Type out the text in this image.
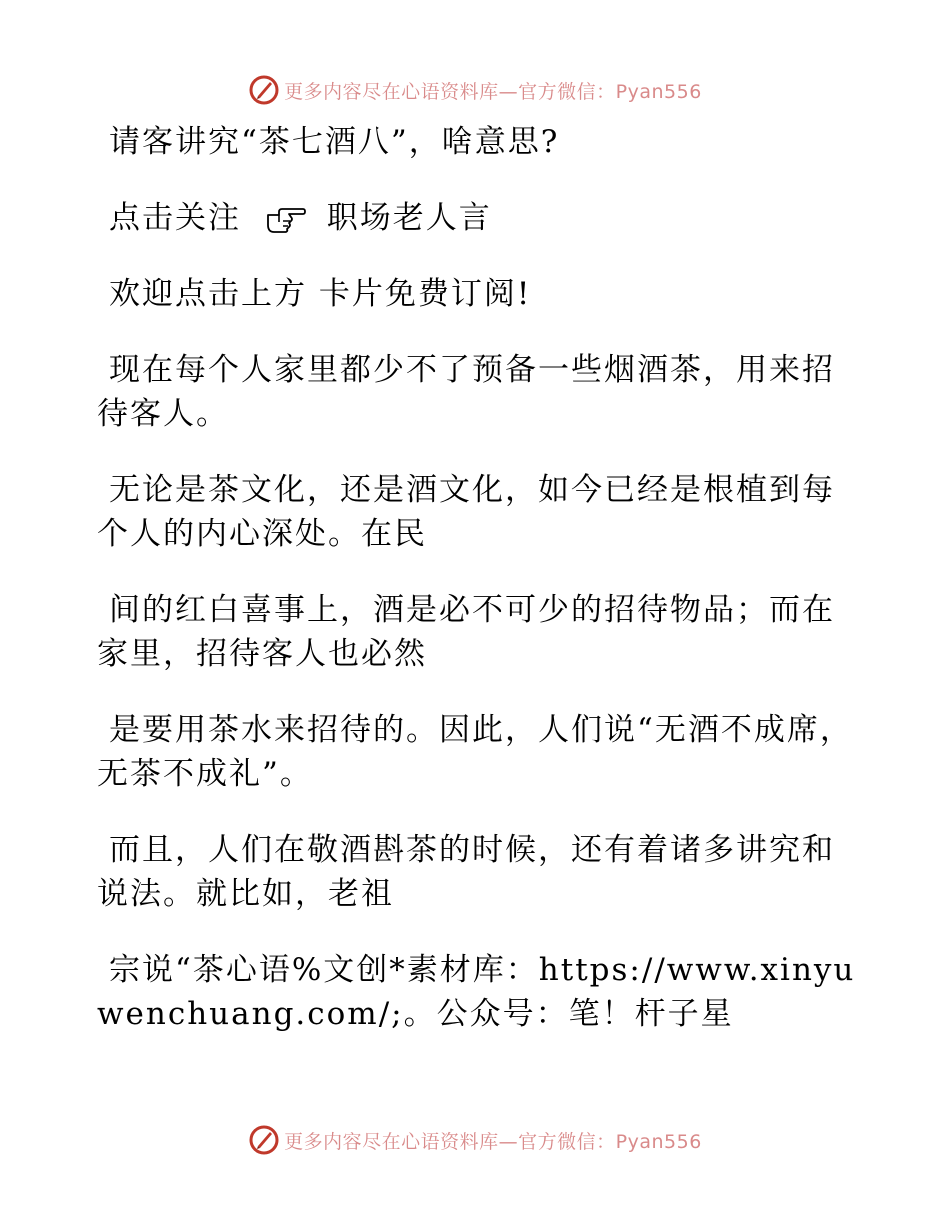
更多内容尽在心语资料库—官方微信：Pyan556

请客讲究“茶七酒八”，啥意思?

点击关注	职场老人言

欢迎点击上方 卡片免费订阅!

现在每个人家里都少不了预备一些烟酒茶，用来招待客人。

无论是茶文化，还是酒文化，如今已经是根植到每个人的内心深处。在民

间的红白喜事上，酒是必不可少的招待物品；而在家里，招待客人也必然

是要用茶水来招待的。因此，人们说“无酒不成席，无茶不成礼”。

而且，人们在敬酒斟茶的时候，还有着诸多讲究和说法。就比如，老祖

宗说“茶心语%文创*素材库：https://www.xinyuwenchuang.com/;。公众号：笔！杆子星

更多内容尽在心语资料库—官方微信：Pyan556
